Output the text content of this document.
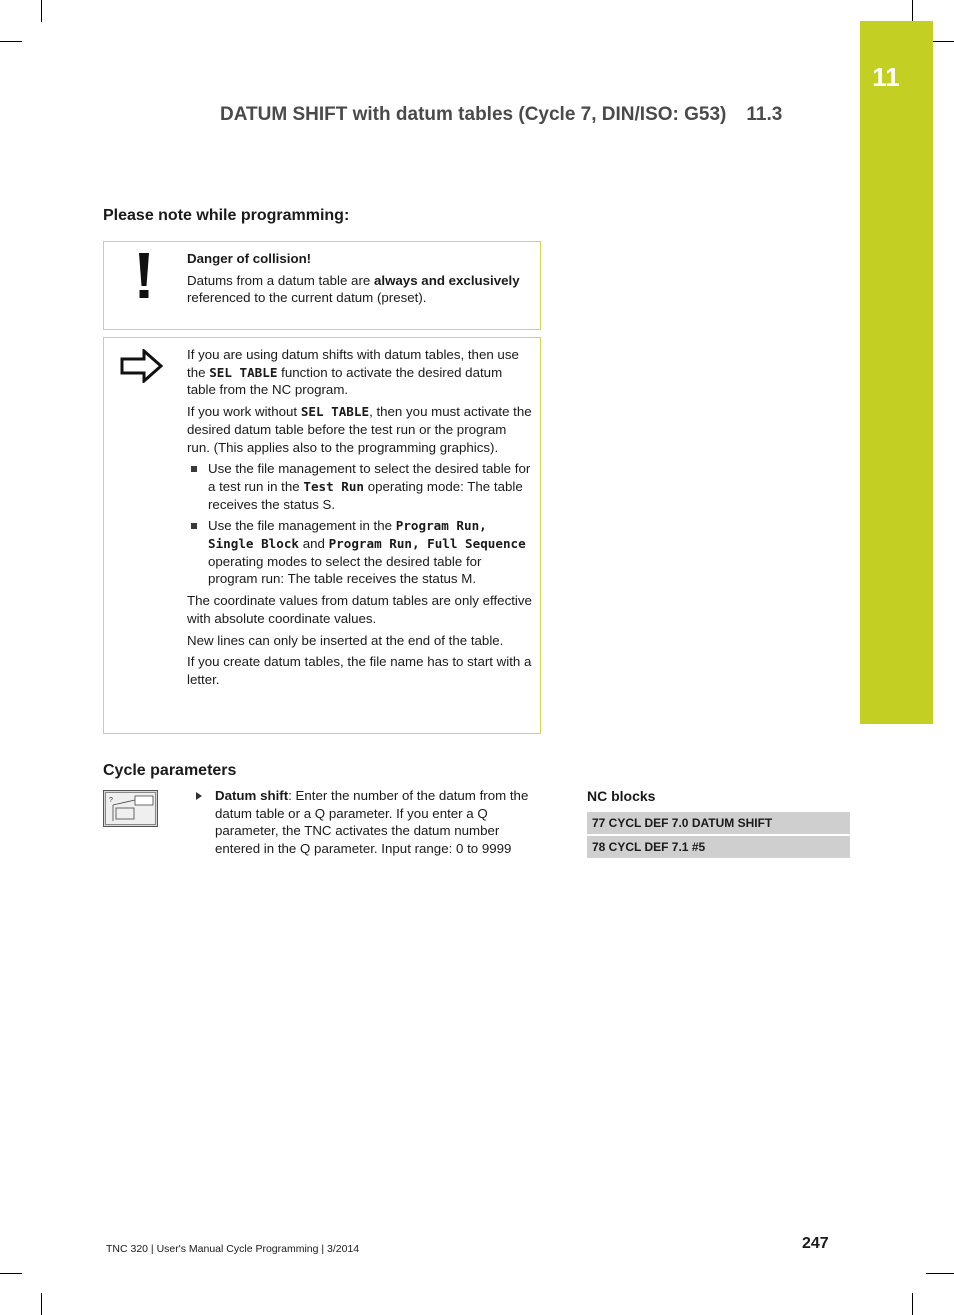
11
DATUM SHIFT with datum tables (Cycle 7, DIN/ISO: G53) 11.3
Please note while programming:

Danger of collision!

Datums from a datum table are always and exclusively referenced to the current datum (preset).

If you are using datum shifts with datum tables, then use the SEL TABLE function to activate the desired datum table from the NC program.

If you work without SEL TABLE, then you must activate the desired datum table before the test run or the program run. (This applies also to the programming graphics).

Use the file management to select the desired table for a test run in the Test Run operating mode: The table receives the status S.
Use the file management in the Program Run, Single Block and Program Run, Full Sequence operating modes to select the desired table for program run: The table receives the status M.

The coordinate values from datum tables are only effective with absolute coordinate values.

New lines can only be inserted at the end of the table.

If you create datum tables, the file name has to start with a letter.

Cycle parameters
?	Datum shift: Enter the number of the datum from the datum table or a Q parameter. If you enter a Q parameter, the TNC activates the datum number entered in the Q parameter. Input range: 0 to 9999
NC blocks
77 CYCL DEF 7.0 DATUM SHIFT
78 CYCL DEF 7.1 #5
TNC 320 | User's Manual Cycle Programming | 3/2014	247
